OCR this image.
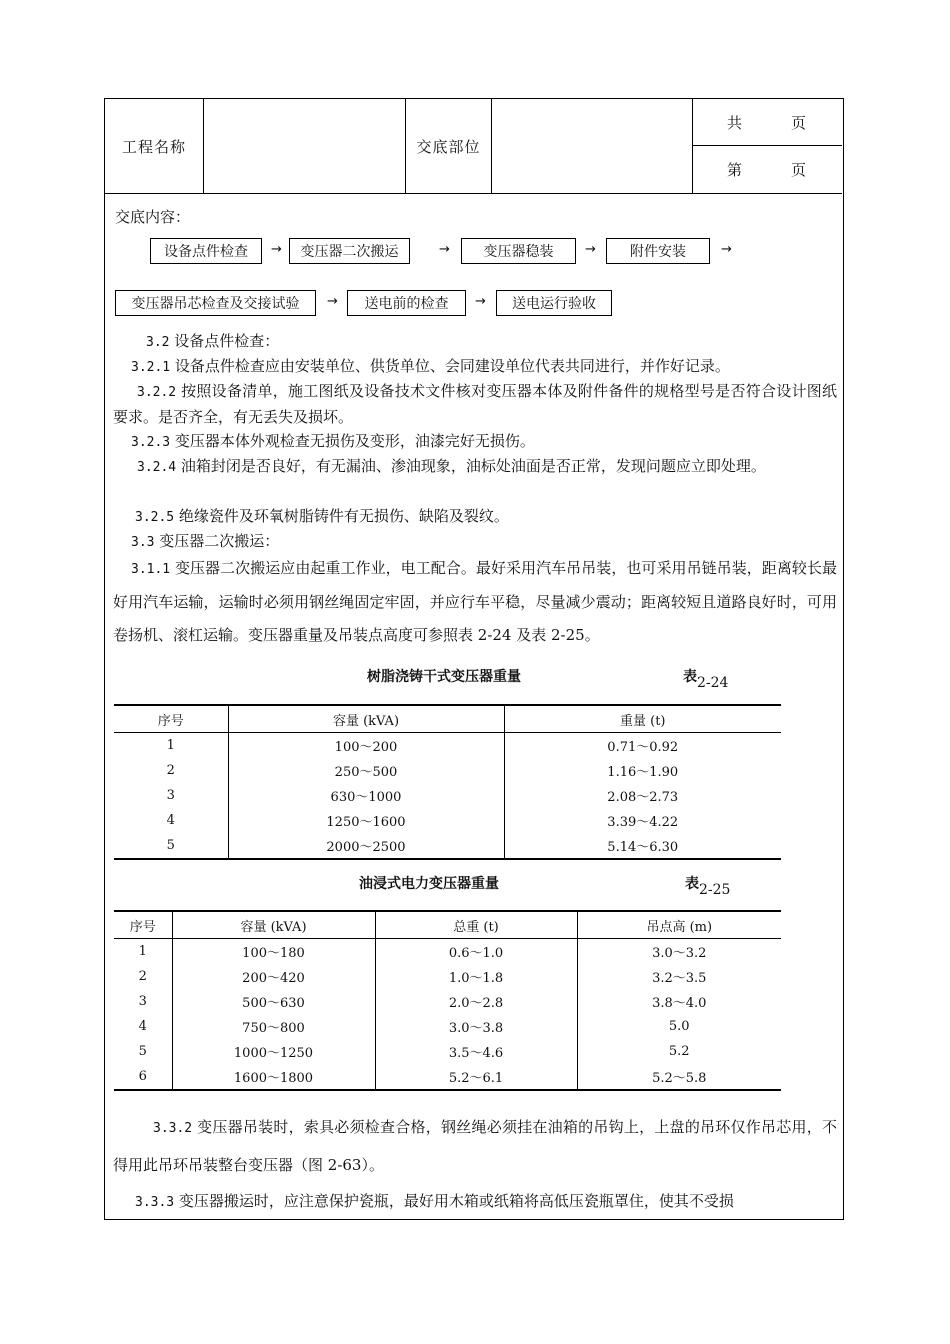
工程名称	交底部位
共	页
第	页
交底内容：
设备点件检查	→	变压器二次搬运	→	变压器稳装	→	附件安装	→
变压器吊芯检查及交接试验	→	送电前的检查	→	送电运行验收
3.2 设备点件检查：
3.2.1 设备点件检查应由安装单位、供货单位、会同建设单位代表共同进行，并作好记录。
3.2.2 按照设备清单，施工图纸及设备技术文件核对变压器本体及附件备件的规格型号是否符合设计图纸要求。是否齐全，有无丢失及损坏。
3.2.3 变压器本体外观检查无损伤及变形，油漆完好无损伤。
3.2.4 油箱封闭是否良好，有无漏油、渗油现象，油标处油面是否正常，发现问题应立即处理。
3.2.5 绝缘瓷件及环氧树脂铸件有无损伤、缺陷及裂纹。
3.3 变压器二次搬运：
3.1.1 变压器二次搬运应由起重工作业，电工配合。最好采用汽车吊吊装，也可采用吊链吊装，距离较长最好用汽车运输，运输时必须用钢丝绳固定牢固，并应行车平稳，尽量减少震动；距离较短且道路良好时，可用卷扬机、滚杠运输。变压器重量及吊装点高度可参照表 2-24 及表 2-25。
树脂浇铸干式变压器重量	表2-24
序号	容量 (kVA)	重量 (t)
1	100～200	0.71～0.92
2	250～500	1.16～1.90
3	630～1000	2.08～2.73
4	1250～1600	3.39～4.22
5	2000～2500	5.14～6.30
油浸式电力变压器重量	表2-25
序号	容量 (kVA)	总重 (t)	吊点高 (m)
1	100～180	0.6～1.0	3.0～3.2
2	200～420	1.0～1.8	3.2～3.5
3	500～630	2.0～2.8	3.8～4.0
4	750～800	3.0～3.8	5.0
5	1000～1250	3.5～4.6	5.2
6	1600～1800	5.2～6.1	5.2～5.8
3.3.2 变压器吊装时，索具必须检查合格，钢丝绳必须挂在油箱的吊钩上，上盘的吊环仅作吊芯用，不得用此吊环吊装整台变压器（图 2-63）。
3.3.3 变压器搬运时，应注意保护瓷瓶，最好用木箱或纸箱将高低压瓷瓶罩住，使其不受损
